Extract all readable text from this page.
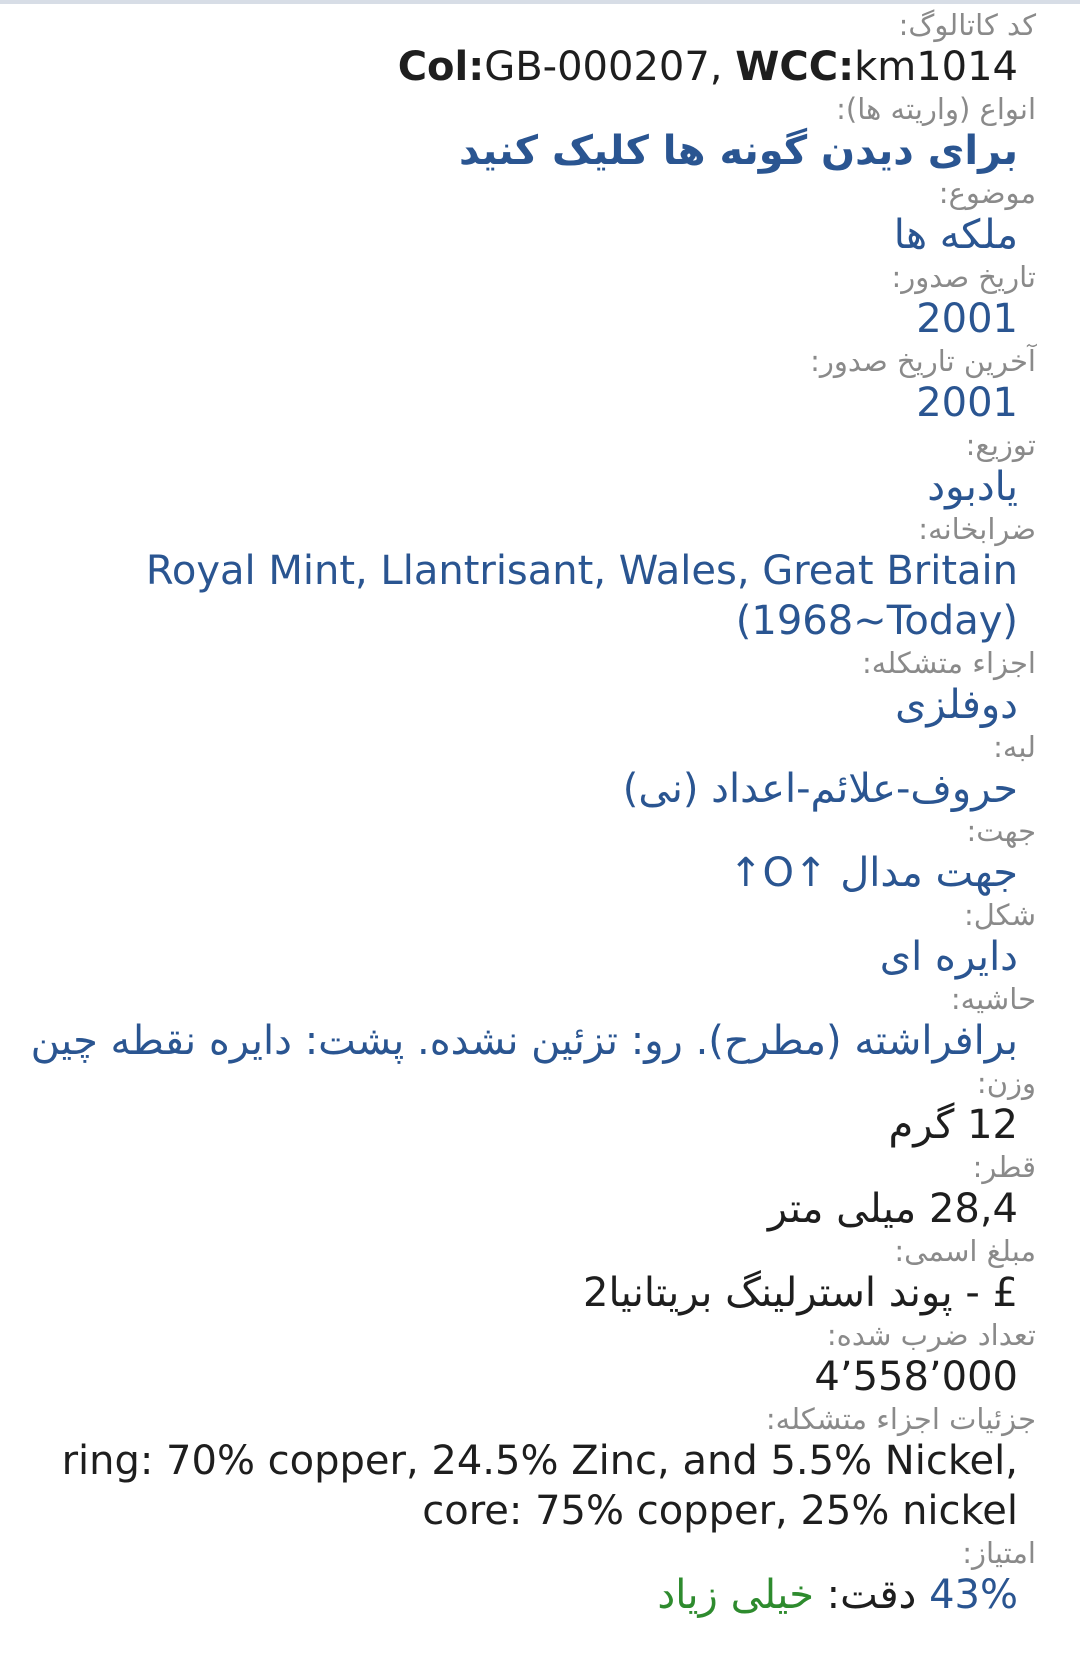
کد کاتالوگ:
Col:GB-000207, WCC:km1014
انواع (واریته ها):
برای دیدن گونه ها کلیک کنید
موضوع:
ملکه ها
تاریخ صدور:
2001
آخرین تاریخ صدور:
2001
توزیع:
یادبود
ضرابخانه:
Royal Mint, Llantrisant, Wales, Great Britain (1968~Today)
اجزاء متشکله:
دوفلزی
لبه:
حروف-علائم-اعداد (نی)
جهت:
جهت مدال ↑O↑
شکل:
دایره ای
حاشیه:
برافراشته (مطرح). رو: تزئین نشده. پشت: دایره نقطه چین
وزن:
12 گرم
قطر:
28,4 میلی متر
مبلغ اسمی:
£ - پوند استرلینگ بریتانیا2
تعداد ضرب شده:
4’558’000
جزئیات اجزاء متشکله:
ring: 70% copper, 24.5% Zinc, and 5.5% Nickel,
core: 75% copper, 25% nickel
امتیاز:
43% دقت: خیلی زیاد
